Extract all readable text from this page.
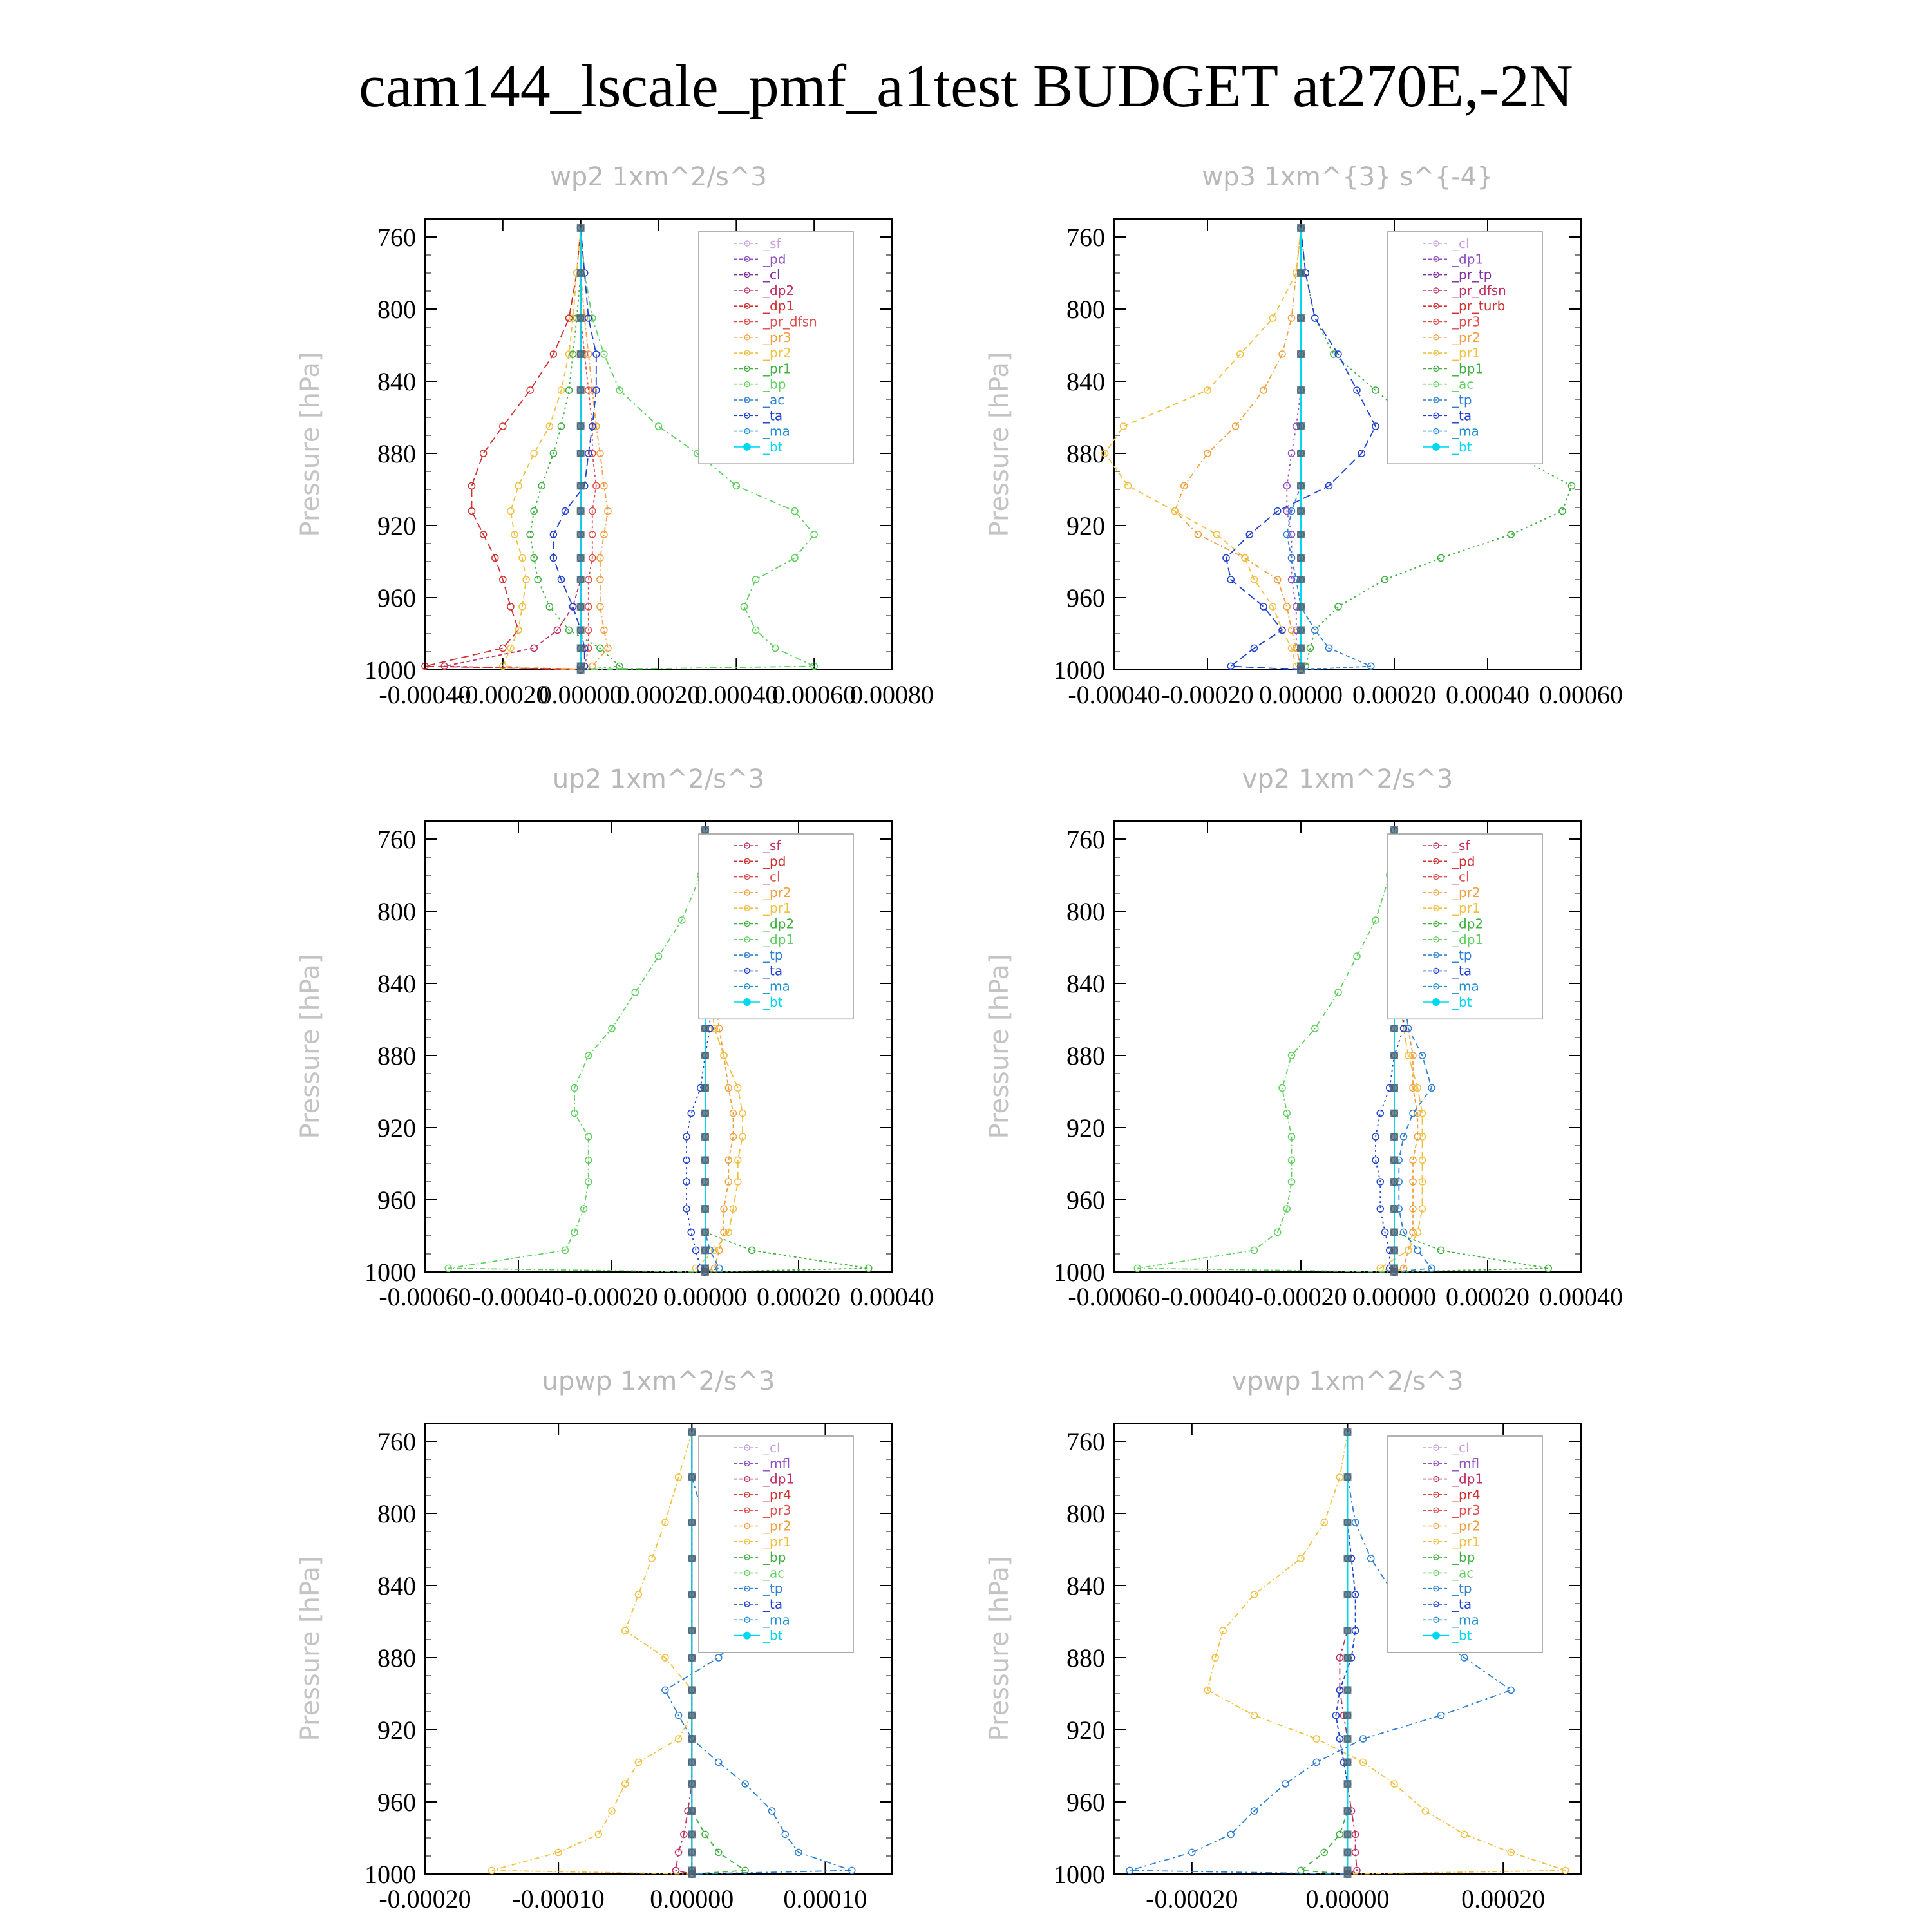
cam144_lscale_pmf_a1test BUDGET at270E,-2N
wp2 1xm^2/s^3
Pressure [hPa]
760
800
840
880
920
960
1000
-0.00040
-0.00020
0.00000
0.00020
0.00040
0.00060
0.00080
_sf
_pd
_cl
_dp2
_dp1
_pr_dfsn
_pr3
_pr2
_pr1
_bp
_ac
_ta
_ma
_bt
wp3 1xm^{3} s^{-4}
Pressure [hPa]
760
800
840
880
920
960
1000
-0.00040 -0.00020 0.00000 0.00020 0.00040 0.00060
_cl
_dp1
_pr_tp
_pr_dfsn
_pr_turb
_pr3
_pr2
_pr1
_bp1
_ac
_tp
_ta
_ma
_bt
up2 1xm^2/s^3
Pressure [hPa]
760
800
840
880
920
960
1000
-0.00060 -0.00040 -0.00020 0.00000 0.00020 0.00040
_sf
_pd
_cl
_pr2
_pr1
_dp2
_dp1
_tp
_ta
_ma
_bt
vp2 1xm^2/s^3
Pressure [hPa]
760
800
840
880
920
960
1000
-0.00060 -0.00040 -0.00020 0.00000 0.00020 0.00040
_sf
_pd
_cl
_pr2
_pr1
_dp2
_dp1
_tp
_ta
_ma
_bt
upwp 1xm^2/s^3
Pressure [hPa]
760
800
840
880
920
960
1000
-0.00020 -0.00010 0.00000 0.00010
_cl
_mfl
_dp1
_pr4
_pr3
_pr2
_pr1
_bp
_ac
_tp
_ta
_ma
_bt
vpwp 1xm^2/s^3
Pressure [hPa]
760
800
840
880
920
960
1000
-0.00020	0.00000	0.00020
_cl
_mfl
_dp1
_pr4
_pr3
_pr2
_pr1
_bp
_ac
_tp
_ta
_ma
_bt
